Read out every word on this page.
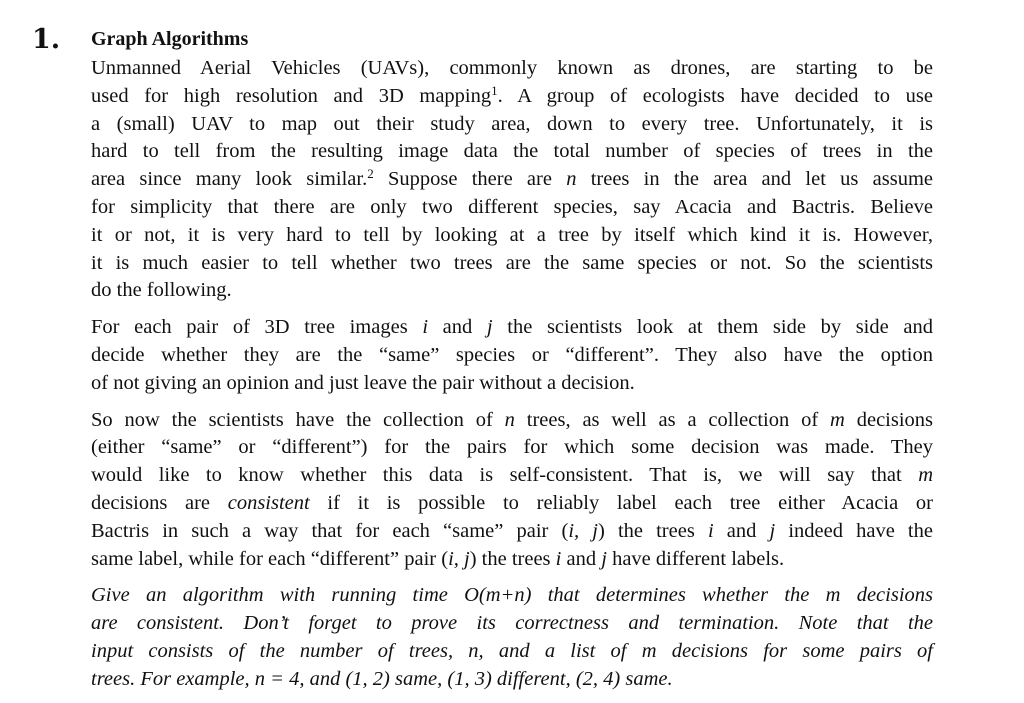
1. Graph Algorithms
Unmanned Aerial Vehicles (UAVs), commonly known as drones, are starting to be
used for high resolution and 3D mapping$^1$. A group of ecologists have decided to use
a (small) UAV to map out their study area, down to every tree. Unfortunately, it is
hard to tell from the resulting image data the total number of species of trees in the
area since many look similar.$^2$ Suppose there are n trees in the area and let us assume
for simplicity that there are only two different species, say Acacia and Bactris. Believe
it or not, it is very hard to tell by looking at a tree by itself which kind it is. However,
it is much easier to tell whether two trees are the same species or not. So the scientists
do the following.
For each pair of 3D tree images i and j the scientists look at them side by side and
decide whether they are the “same” species or “different”. They also have the option
of not giving an opinion and just leave the pair without a decision.
So now the scientists have the collection of n trees, as well as a collection of m decisions
(either “same” or “different”) for the pairs for which some decision was made. They
would like to know whether this data is self-consistent. That is, we will say that m
decisions are consistent if it is possible to reliably label each tree either Acacia or
Bactris in such a way that for each “same” pair (i, j) the trees i and j indeed have the
same label, while for each “different” pair (i, j) the trees i and j have different labels.
Give an algorithm with running time O(m+n) that determines whether the m decisions
are consistent. Don’t forget to prove its correctness and termination. Note that the
input consists of the number of trees, n, and a list of m decisions for some pairs of
trees. For example, n = 4, and (1, 2) same, (1, 3) different, (2, 4) same.
